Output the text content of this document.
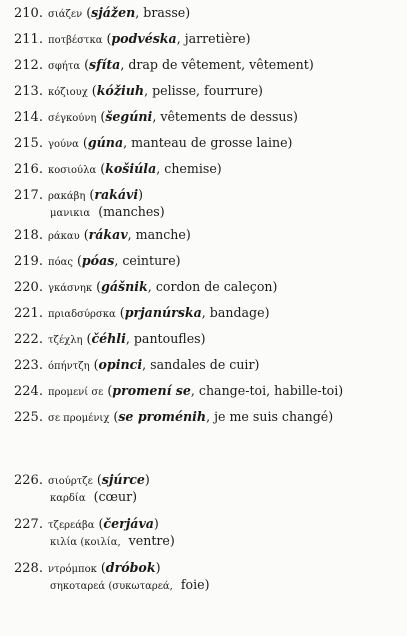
210. σιάζεν (sjážen, brasse)
211. ποτβέστκα (podvéska, jarretière)
212. σφήτα (sfíta, drap de vêtement, vêtement)
213. κόζιουχ (kóžiuh, pelisse, fourrure)
214. σέγκούνη (šegúni, vêtements de dessus)
215. γούνα (gúna, manteau de grosse laine)
216. κοσιούλα (košiúla, chemise)
217. ρακάβη (rakávi)
μανικια (manches)
218. ράκαυ (rákav, manche)
219. πόας (póas, ceinture)
220. γκάσνηκ (gášnik, cordon de caleçon)
221. πριαδσύρσκα (prjanúrska, bandage)
222. τζέχλη (čéhli, pantoufles)
223. όπήντζη (opinci, sandales de cuir)
224. προμενί σε (promení se, change-toi, habille-toi)
225. σε προμένιχ (se proménih, je me suis changé)
226. σιούρτζε (sjúrce)
καρδία (cœur)
227. τζερεάβα (čerjáva)
κιλία (κοιλία, ventre)
228. ντρόμποκ (dróbok)
σηκοταρεά (συκωταρεά, foie)
